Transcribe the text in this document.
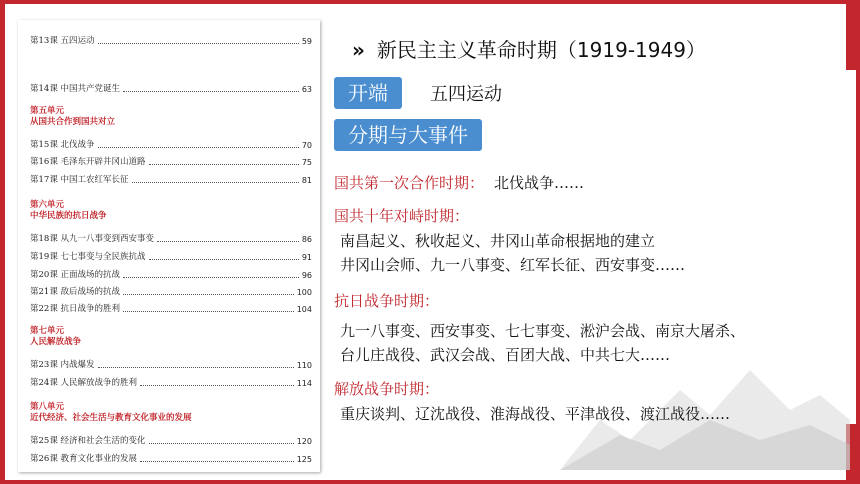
第13课 五四运动	59
第14课 中国共产党诞生	63
第五单元
从国共合作到国共对立
第15课 北伐战争	70
第16课 毛泽东开辟井冈山道路	75
第17课 中国工农红军长征	81
第六单元
中华民族的抗日战争
第18课 从九一八事变到西安事变	86
第19课 七七事变与全民族抗战	91
第20课 正面战场的抗战	96
第21课 敌后战场的抗战	100
第22课 抗日战争的胜利	104
第七单元
人民解放战争
第23课 内战爆发	110
第24课 人民解放战争的胜利	114
第八单元
近代经济、社会生活与教育文化事业的发展
第25课 经济和社会生活的变化	120
第26课 教育文化事业的发展	125
» 新民主主义革命时期（1919-1949）
开端	五四运动
分期与大事件
国共第一次合作时期： 北伐战争……
国共十年对峙时期：
南昌起义、秋收起义、井冈山革命根据地的建立
井冈山会师、九一八事变、红军长征、西安事变……
抗日战争时期：
九一八事变、西安事变、七七事变、淞沪会战、南京大屠杀、
台儿庄战役、武汉会战、百团大战、中共七大……
解放战争时期：
重庆谈判、辽沈战役、淮海战役、平津战役、渡江战役……
